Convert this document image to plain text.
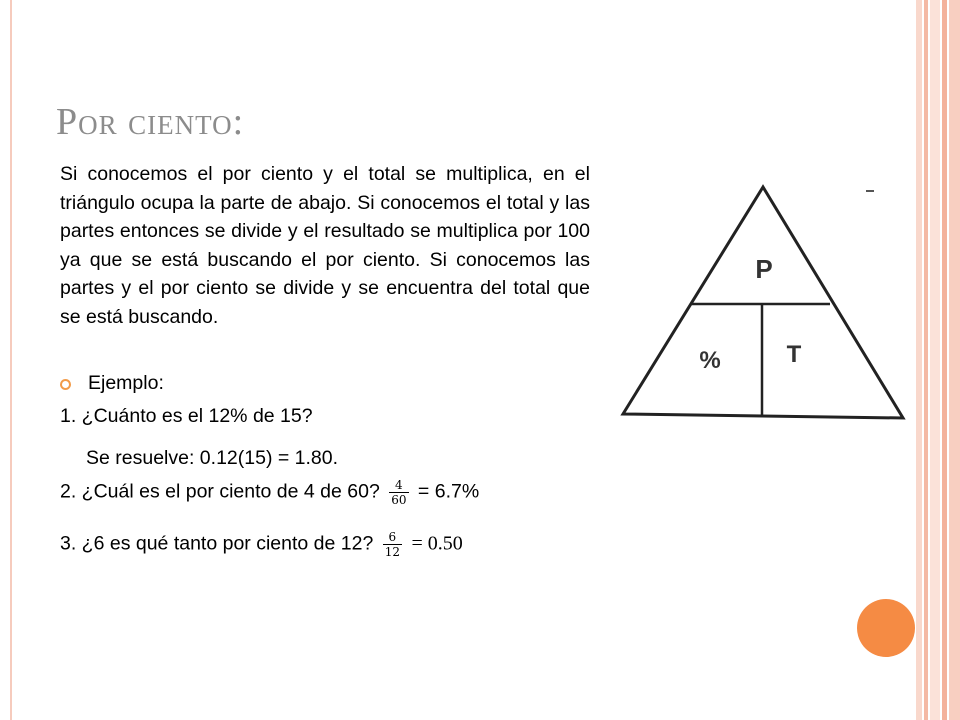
Por ciento:
Si conocemos el por ciento y el total se multiplica, en el triángulo ocupa la parte de abajo. Si conocemos el total y las partes entonces se divide y el resultado se multiplica por 100 ya que se está buscando el por ciento. Si conocemos las partes y el por ciento se divide y se encuentra del total que se está buscando.
Ejemplo:
1. ¿Cuánto es el 12% de 15?
Se resuelve: 0.12(15) = 1.80.
2. ¿Cuál es el por ciento de 4 de 60? $\frac{4}{60} = 6.7\%$
3. ¿6 es qué tanto por ciento de 12? $\frac{6}{12} = 0.50$
P
%	T
